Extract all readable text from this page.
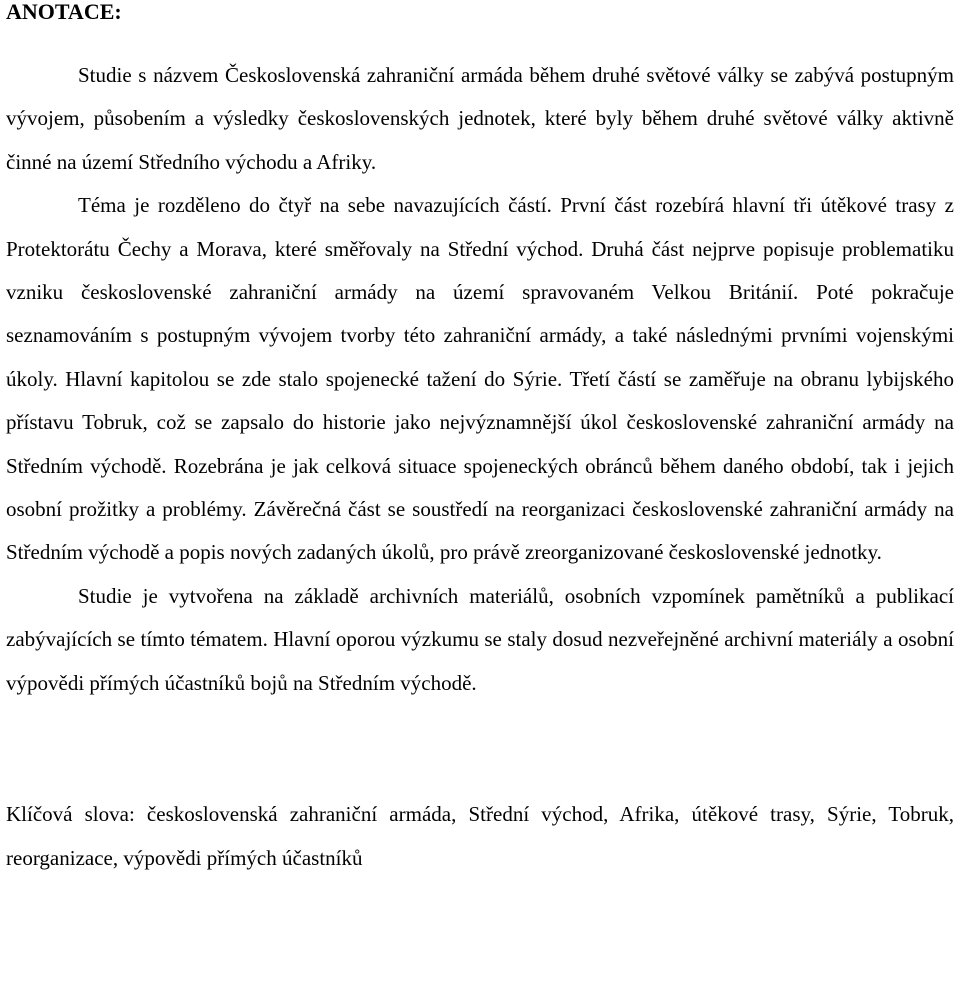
ANOTACE:

Studie s názvem Československá zahraniční armáda během druhé světové války se zabývá postupným vývojem, působením a výsledky československých jednotek, které byly během druhé světové války aktivně činné na území Středního východu a Afriky.

Téma je rozděleno do čtyř na sebe navazujících částí. První část rozebírá hlavní tři útěkové trasy z Protektorátu Čechy a Morava, které směřovaly na Střední východ. Druhá část nejprve popisuje problematiku vzniku československé zahraniční armády na území spravovaném Velkou Británií. Poté pokračuje seznamováním s postupným vývojem tvorby této zahraniční armády, a také následnými prvními vojenskými úkoly. Hlavní kapitolou se zde stalo spojenecké tažení do Sýrie. Třetí částí se zaměřuje na obranu lybijského přístavu Tobruk, což se zapsalo do historie jako nejvýznamnější úkol československé zahraniční armády na Středním východě. Rozebrána je jak celková situace spojeneckých obránců během daného období, tak i jejich osobní prožitky a problémy. Závěrečná část se soustředí na reorganizaci československé zahraniční armády na Středním východě a popis nových zadaných úkolů, pro právě zreorganizované československé jednotky.

Studie je vytvořena na základě archivních materiálů, osobních vzpomínek pamětníků a publikací zabývajících se tímto tématem. Hlavní oporou výzkumu se staly dosud nezveřejněné archivní materiály a osobní výpovědi přímých účastníků bojů na Středním východě.

Klíčová slova: československá zahraniční armáda, Střední východ, Afrika, útěkové trasy, Sýrie, Tobruk, reorganizace, výpovědi přímých účastníků
